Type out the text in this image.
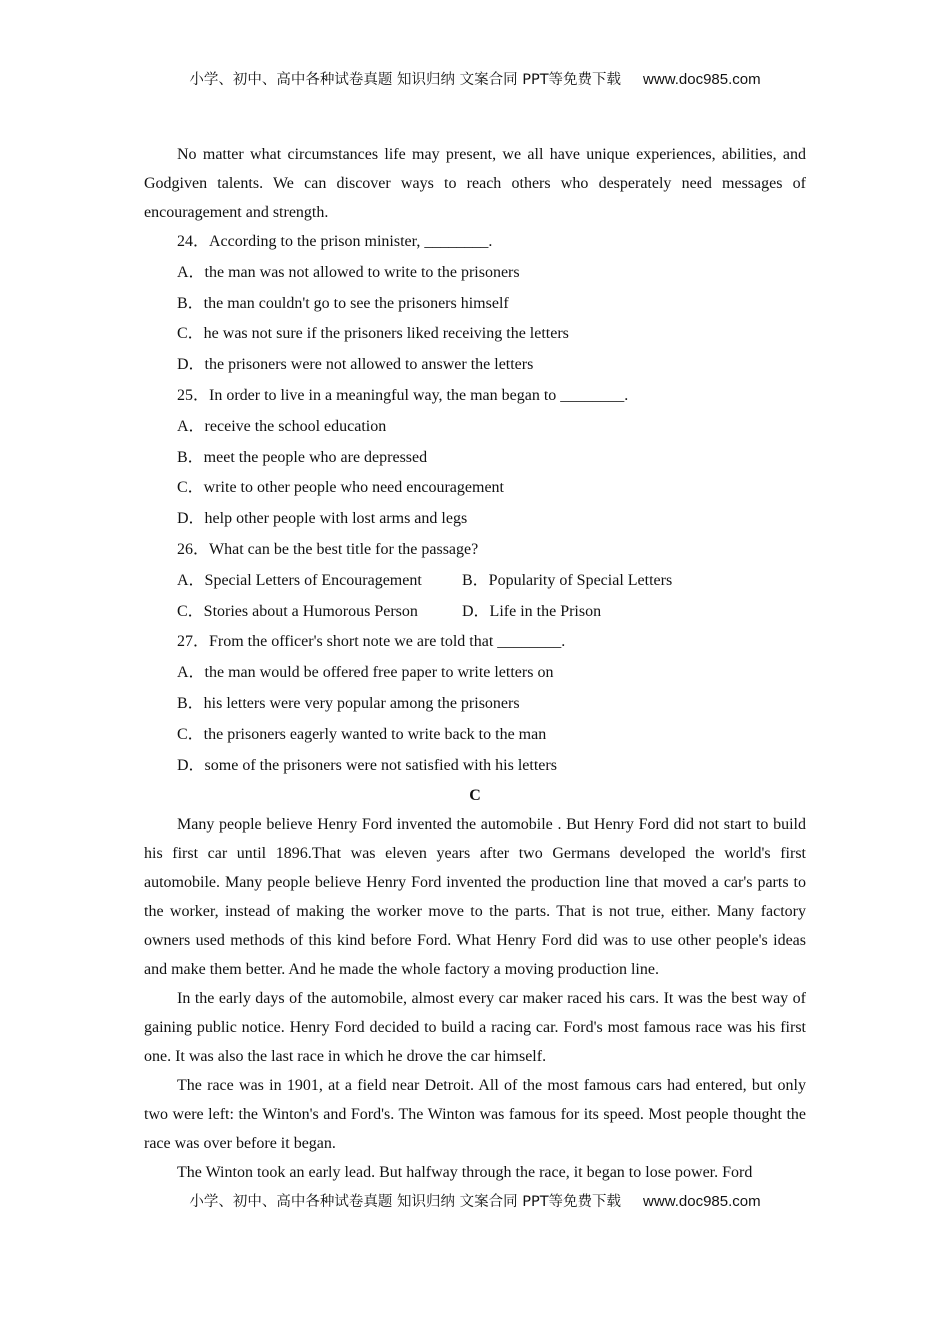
小学、初中、高中各种试卷真题 知识归纳 文案合同 PPT等免费下载 www.doc985.com

No matter what circumstances life may present, we all have unique experiences, abilities, and Godgiven talents. We can discover ways to reach others who desperately need messages of encouragement and strength.

24．According to the prison minister, ________.
A．the man was not allowed to write to the prisoners
B．the man couldn't go to see the prisoners himself
C．he was not sure if the prisoners liked receiving the letters
D．the prisoners were not allowed to answer the letters
25．In order to live in a meaningful way, the man began to ________.
A．receive the school education
B．meet the people who are depressed
C．write to other people who need encouragement
D．help other people with lost arms and legs
26．What can be the best title for the passage?
A．Special Letters of Encouragement	B．Popularity of Special Letters
C．Stories about a Humorous Person	D．Life in the Prison
27．From the officer's short note we are told that ________.
A．the man would be offered free paper to write letters on
B．his letters were very popular among the prisoners
C．the prisoners eagerly wanted to write back to the man
D．some of the prisoners were not satisfied with his letters
C

Many people believe Henry Ford invented the automobile . But Henry Ford did not start to build his first car until 1896.That was eleven years after two Germans developed the world's first automobile. Many people believe Henry Ford invented the production line that moved a car's parts to the worker, instead of making the worker move to the parts. That is not true, either. Many factory owners used methods of this kind before Ford. What Henry Ford did was to use other people's ideas and make them better. And he made the whole factory a moving production line.

In the early days of the automobile, almost every car maker raced his cars. It was the best way of gaining public notice. Henry Ford decided to build a racing car. Ford's most famous race was his first one. It was also the last race in which he drove the car himself.

The race was in 1901, at a field near Detroit. All of the most famous cars had entered, but only two were left: the Winton's and Ford's. The Winton was famous for its speed. Most people thought the race was over before it began.

The Winton took an early lead. But halfway through the race, it began to lose power. Ford

小学、初中、高中各种试卷真题 知识归纳 文案合同 PPT等免费下载 www.doc985.com
